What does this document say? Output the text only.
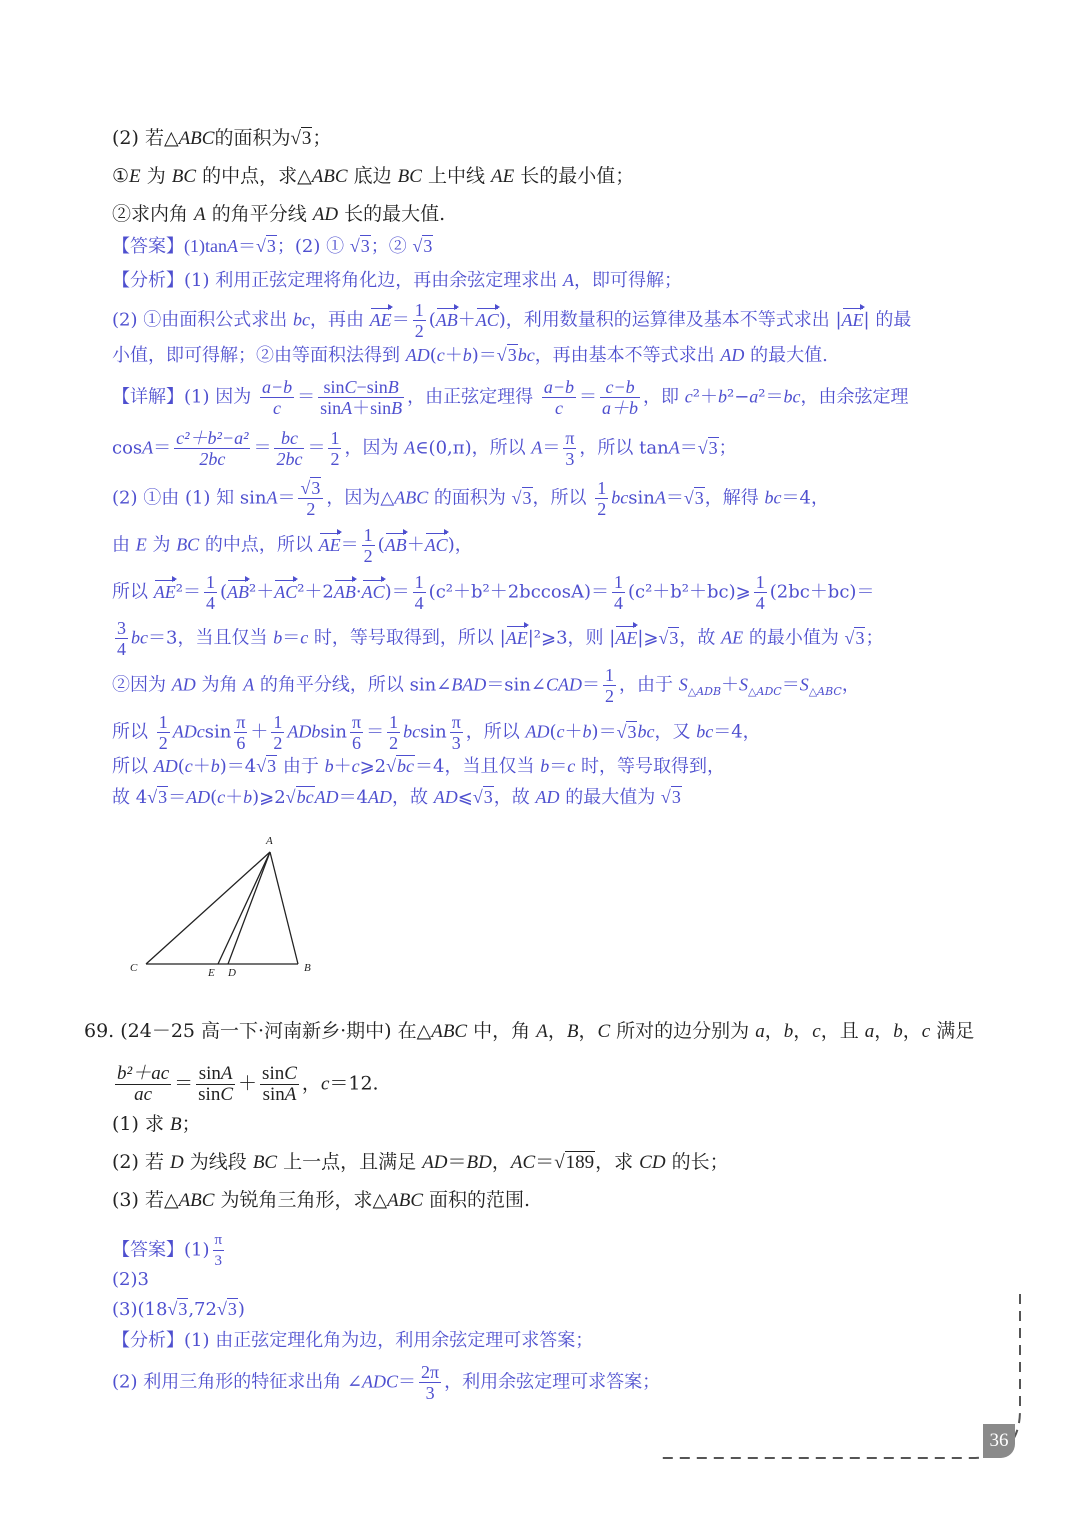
(2) 若△ABC的面积为√3；
①E 为 BC 的中点，求△ABC 底边 BC 上中线 AE 长的最小值；
②求内角 A 的角平分线 AD 长的最大值.
【答案】(1)tanA＝√3；(2) ① √3；② √3
【分析】(1) 利用正弦定理将角化边，再由余弦定理求出 A，即可得解；
(2) ①由面积公式求出 bc，再由 $AE= \frac{1}{2} (AB+AC)$，利用数量积的运算律及基本不等式求出 |AE| 的最
小值，即可得解；②由等面积法得到 AD(c＋b)＝√3bc，再由基本不等式求出 AD 的最大值.
【详解】(1) 因为 $\frac{a-b}{c} = \frac{\sin C-\sin B}{\sin A+\sin B}$ ，由正弦定理得 $\frac{a-b}{c} = \frac{c-b}{a+b}$ ，即 c²＋b²−a²＝bc，由余弦定理
$\cos A= \frac{\text{c²＋b²−a²}}{2bc} = \frac{bc}{2bc} = \frac{1}{2}$ ，因为 A∈(0,π)，所以 $A= \frac{\pi}{3}$ ，所以 tanA＝√3；
(2) ①由 (1) 知 $\sin A= \frac{√3}{2}$ ，因为△ABC 的面积为 √3，所以 $\frac{1}{2} bcsinA=√3$，解得 bc＝4，
由 E 为 BC 的中点，所以 $AE= \frac{1}{2} (AB+AC)$，
所以 $AE^2= \frac{1}{4} (AB^2+AC^2+2AB\cdot AC)= \frac{1}{4} (c^2+b^2+2bccosA)= \frac{1}{4}$ (c²＋b²＋bc)⩾ $\frac{1}{4} (2bc+bc)=$
$\frac{3}{4} bc=3$，当且仅当 b＝c 时，等号取得到，所以 |AE|²⩾3，则 |AE|⩾√3，故 AE 的最小值为 √3；
②因为 AD 为角 A 的角平分线，所以 sin∠BAD＝sin∠CAD＝ $\frac{1}{2}$ ，由于 $S_{\triangle ADB}+S_{\triangle ADC}=S_{\triangle ABC}$，
所以 $\frac{1}{2}$ ADcsin $\frac{\pi}{6} + \frac{1}{2}$ ADbsin $\frac{\pi}{6} = \frac{1}{2}$ bcsin $\frac{\pi}{3}$ ，所以 AD(c＋b)＝√3bc，又 bc＝4，
所以 AD(c＋b)＝4√3 由于 b＋c⩾2√bc＝4，当且仅当 b＝c 时，等号取得到，
故 4√3＝AD(c＋b)⩾2√bcAD＝4AD，故 AD⩽√3，故 AD 的最大值为 √3
A
B
C	D
E
69. (24－25 高一下·河南新乡·期中) 在△ABC 中，角 A，B，C 所对的边分别为 a，b，c，且 a，b，c 满足
$\frac{\text{b²＋ac}}{ac} = \frac{\sin A}{\sin C} + \frac{\sin C}{\sin A}$ ，c＝12.
(1) 求 B；
(2) 若 D 为线段 BC 上一点，且满足 AD＝BD，AC＝√189，求 CD 的长；
(3) 若△ABC 为锐角三角形，求△ABC 面积的范围.
【答案】$(1) \frac{\pi}{3}$
(2)3
(3)(18√3,72√3)
【分析】(1) 由正弦定理化角为边，利用余弦定理可求答案；
(2) 利用三角形的特征求出角 ∠ADC＝ $\frac{2\pi}{3}$ ，利用余弦定理可求答案；
36
